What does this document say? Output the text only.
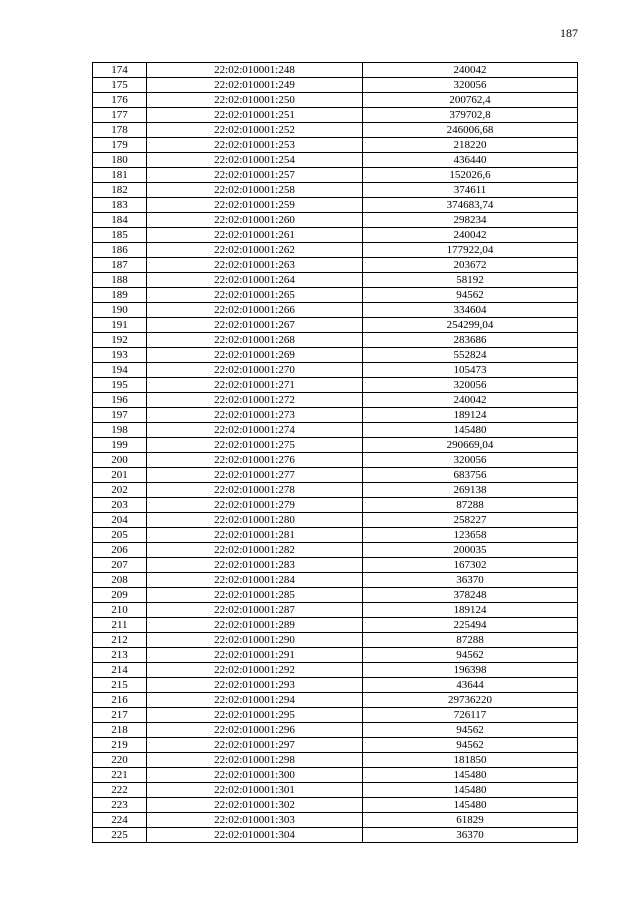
187
174	22:02:010001:248	240042
175	22:02:010001:249	320056
176	22:02:010001:250	200762,4
177	22:02:010001:251	379702,8
178	22:02:010001:252	246006,68
179	22:02:010001:253	218220
180	22:02:010001:254	436440
181	22:02:010001:257	152026,6
182	22:02:010001:258	374611
183	22:02:010001:259	374683,74
184	22:02:010001:260	298234
185	22:02:010001:261	240042
186	22:02:010001:262	177922,04
187	22:02:010001:263	203672
188	22:02:010001:264	58192
189	22:02:010001:265	94562
190	22:02:010001:266	334604
191	22:02:010001:267	254299,04
192	22:02:010001:268	283686
193	22:02:010001:269	552824
194	22:02:010001:270	105473
195	22:02:010001:271	320056
196	22:02:010001:272	240042
197	22:02:010001:273	189124
198	22:02:010001:274	145480
199	22:02:010001:275	290669,04
200	22:02:010001:276	320056
201	22:02:010001:277	683756
202	22:02:010001:278	269138
203	22:02:010001:279	87288
204	22:02:010001:280	258227
205	22:02:010001:281	123658
206	22:02:010001:282	200035
207	22:02:010001:283	167302
208	22:02:010001:284	36370
209	22:02:010001:285	378248
210	22:02:010001:287	189124
211	22:02:010001:289	225494
212	22:02:010001:290	87288
213	22:02:010001:291	94562
214	22:02:010001:292	196398
215	22:02:010001:293	43644
216	22:02:010001:294	29736220
217	22:02:010001:295	726117
218	22:02:010001:296	94562
219	22:02:010001:297	94562
220	22:02:010001:298	181850
221	22:02:010001:300	145480
222	22:02:010001:301	145480
223	22:02:010001:302	145480
224	22:02:010001:303	61829
225	22:02:010001:304	36370
